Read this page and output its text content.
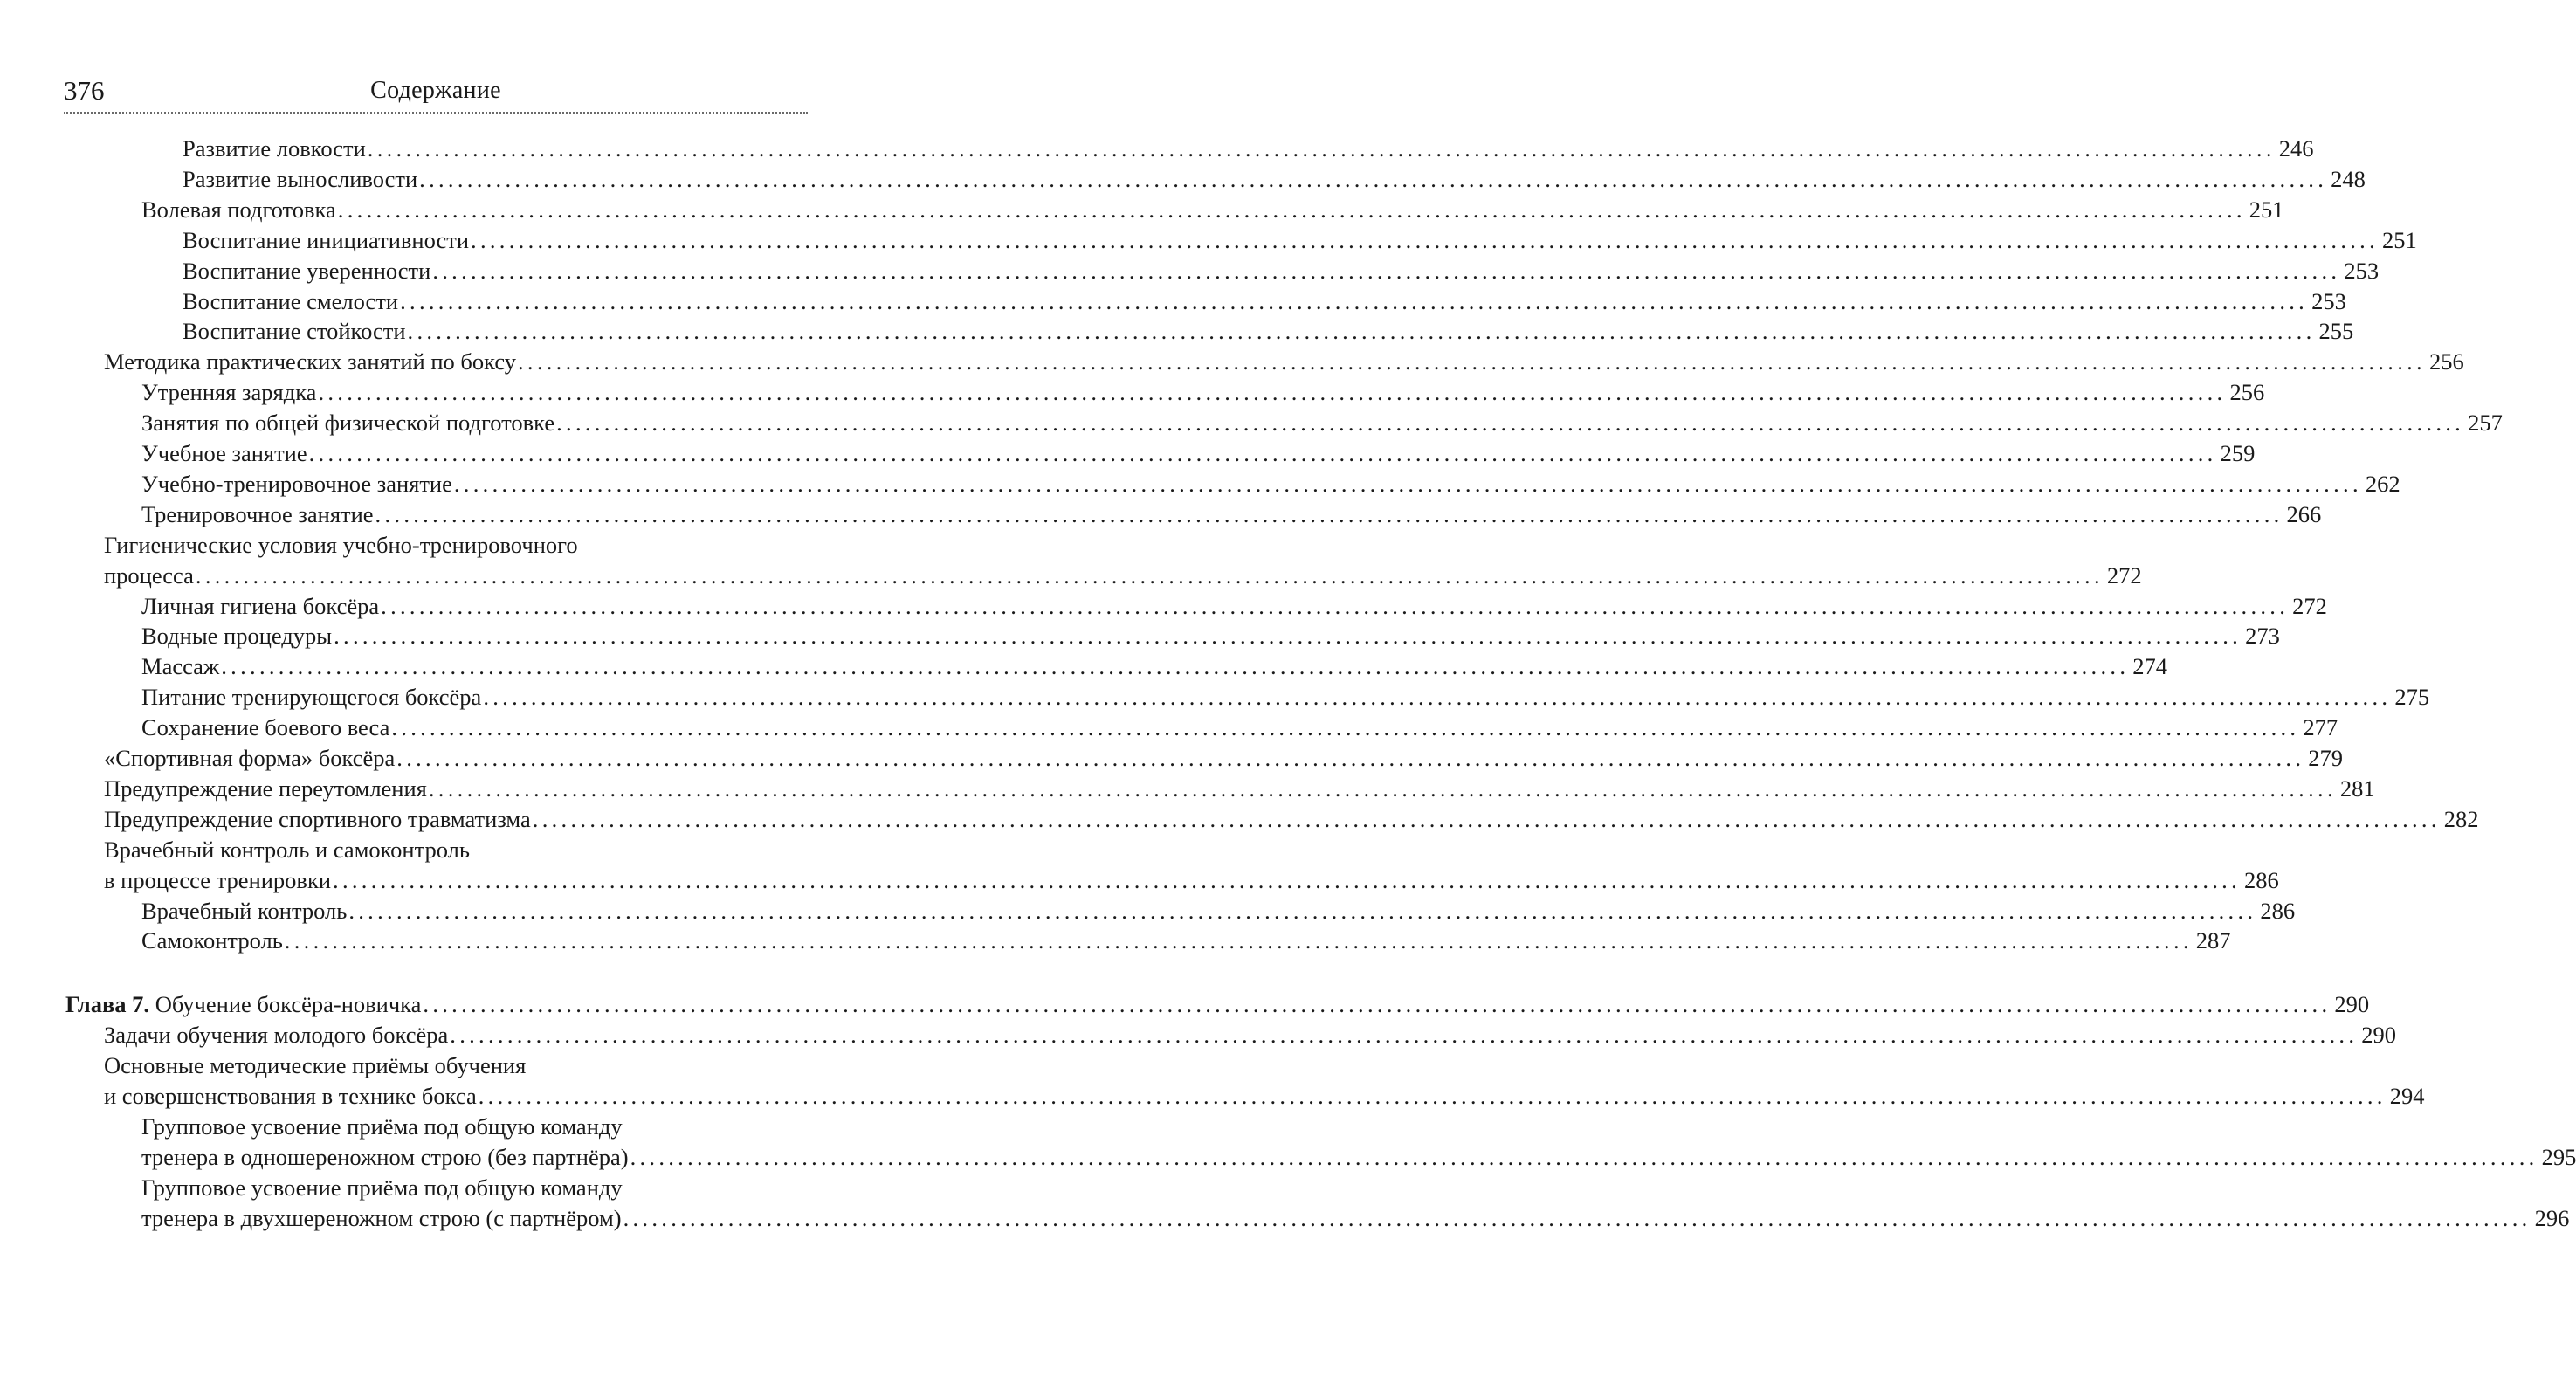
376	Содержание
Развитие ловкости ........................................................................................................................................................................................................ 246
Развитие выносливости ........................................................................................................................................................................................................ 248
Волевая подготовка ........................................................................................................................................................................................................ 251
Воспитание инициативности ........................................................................................................................................................................................................ 251
Воспитание уверенности ........................................................................................................................................................................................................ 253
Воспитание смелости ........................................................................................................................................................................................................ 253
Воспитание стойкости ........................................................................................................................................................................................................ 255
Методика практических занятий по боксу ........................................................................................................................................................................................................ 256
Утренняя зарядка ........................................................................................................................................................................................................ 256
Занятия по общей физической подготовке ........................................................................................................................................................................................................ 257
Учебное занятие ........................................................................................................................................................................................................ 259
Учебно-тренировочное занятие ........................................................................................................................................................................................................ 262
Тренировочное занятие ........................................................................................................................................................................................................ 266
Гигиенические условия учебно-тренировочного
процесса ........................................................................................................................................................................................................ 272
Личная гигиена боксёра ........................................................................................................................................................................................................ 272
Водные процедуры ........................................................................................................................................................................................................ 273
Массаж ........................................................................................................................................................................................................ 274
Питание тренирующегося боксёра ........................................................................................................................................................................................................ 275
Сохранение боевого веса ........................................................................................................................................................................................................ 277
«Спортивная форма» боксёра ........................................................................................................................................................................................................ 279
Предупреждение переутомления ........................................................................................................................................................................................................ 281
Предупреждение спортивного травматизма ........................................................................................................................................................................................................ 282
Врачебный контроль и самоконтроль
в процессе тренировки ........................................................................................................................................................................................................ 286
Врачебный контроль ........................................................................................................................................................................................................ 286
Самоконтроль ........................................................................................................................................................................................................ 287
Глава 7.
Обучение боксёра-новичка ........................................................................................................................................................................................................ 290
Задачи обучения молодого боксёра ........................................................................................................................................................................................................ 290
Основные методические приёмы обучения
и совершенствования в технике бокса ........................................................................................................................................................................................................ 294
Групповое усвоение приёма под общую команду
тренера в одношереножном строю (без партнёра) ........................................................................................................................................................................................................ 295
Групповое усвоение приёма под общую команду
тренера в двухшереножном строю (с партнёром) ........................................................................................................................................................................................................ 296
